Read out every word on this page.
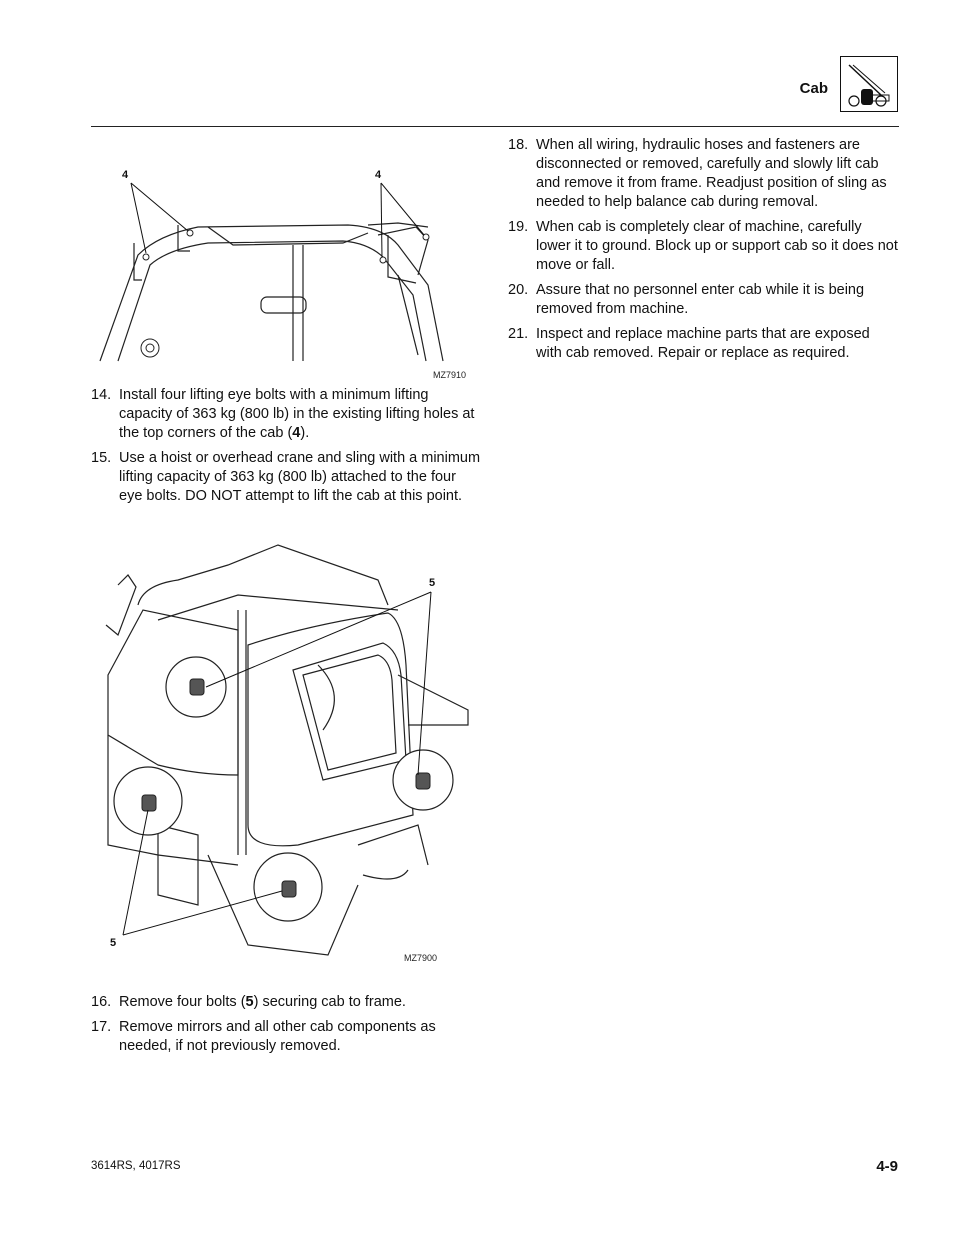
Cab
4	4
MZ7910
14. Install four lifting eye bolts with a minimum lifting capacity of 363 kg (800 lb) in the existing lifting holes at the top corners of the cab (4).
15. Use a hoist or overhead crane and sling with a minimum lifting capacity of 363 kg (800 lb) attached to the four eye bolts. DO NOT attempt to lift the cab at this point.
5
5
MZ7900
16. Remove four bolts (5) securing cab to frame.
17. Remove mirrors and all other cab components as needed, if not previously removed.
18. When all wiring, hydraulic hoses and fasteners are disconnected or removed, carefully and slowly lift cab and remove it from frame. Readjust position of sling as needed to help balance cab during removal.
19. When cab is completely clear of machine, carefully lower it to ground. Block up or support cab so it does not move or fall.
20. Assure that no personnel enter cab while it is being removed from machine.
21. Inspect and replace machine parts that are exposed with cab removed. Repair or replace as required.
3614RS, 4017RS	4-9
